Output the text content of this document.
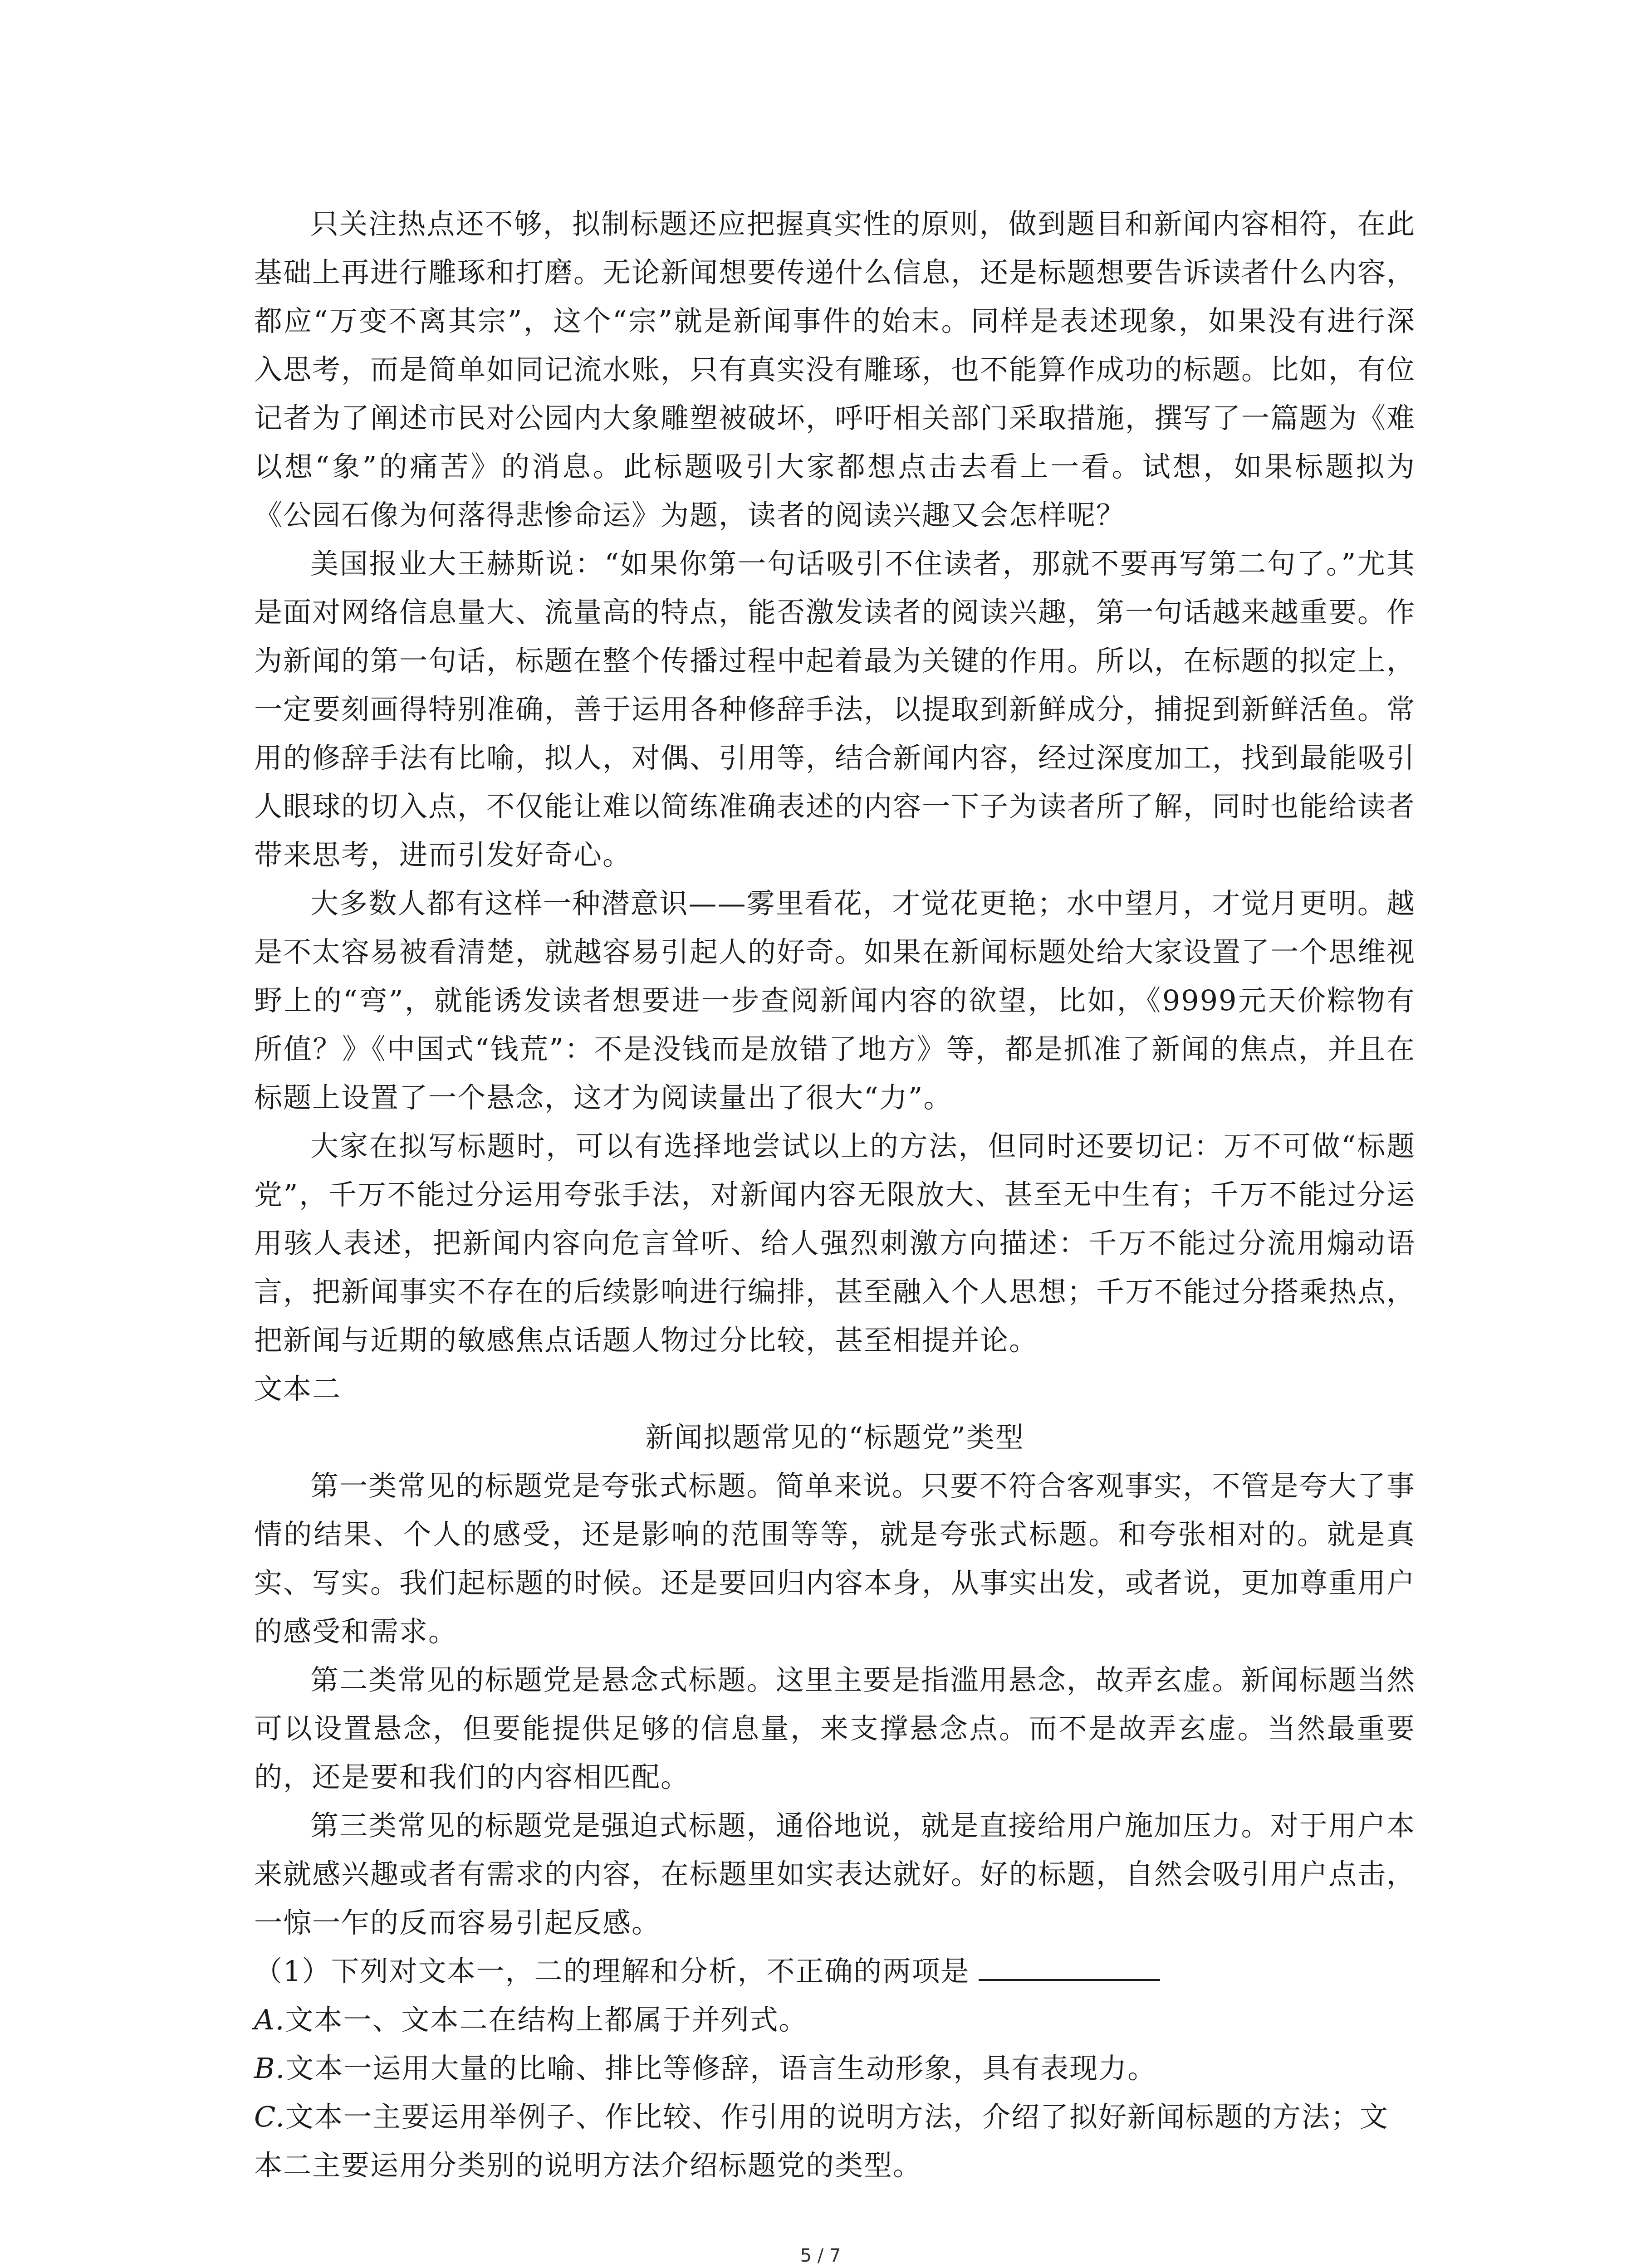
只关注热点还不够，拟制标题还应把握真实性的原则，做到题目和新闻内容相符，在此基础上再进行雕琢和打磨。无论新闻想要传递什么信息，还是标题想要告诉读者什么内容，都应“万变不离其宗”，这个“宗”就是新闻事件的始末。同样是表述现象，如果没有进行深入思考，而是简单如同记流水账，只有真实没有雕琢，也不能算作成功的标题。比如，有位记者为了阐述市民对公园内大象雕塑被破坏，呼吁相关部门采取措施，撰写了一篇题为《难以想“象”的痛苦》的消息。此标题吸引大家都想点击去看上一看。试想，如果标题拟为《公园石像为何落得悲惨命运》为题，读者的阅读兴趣又会怎样呢？

美国报业大王赫斯说：“如果你第一句话吸引不住读者，那就不要再写第二句了。”尤其是面对网络信息量大、流量高的特点，能否激发读者的阅读兴趣，第一句话越来越重要。作为新闻的第一句话，标题在整个传播过程中起着最为关键的作用。所以，在标题的拟定上，一定要刻画得特别准确，善于运用各种修辞手法，以提取到新鲜成分，捕捉到新鲜活鱼。常用的修辞手法有比喻，拟人，对偶、引用等，结合新闻内容，经过深度加工，找到最能吸引人眼球的切入点，不仅能让难以简练准确表述的内容一下子为读者所了解，同时也能给读者带来思考，进而引发好奇心。

大多数人都有这样一种潜意识——雾里看花，才觉花更艳；水中望月，才觉月更明。越是不太容易被看清楚，就越容易引起人的好奇。如果在新闻标题处给大家设置了一个思维视野上的“弯”，就能诱发读者想要进一步查阅新闻内容的欲望，比如，《9999元天价粽物有所值？》《中国式“钱荒”：不是没钱而是放错了地方》等，都是抓准了新闻的焦点，并且在标题上设置了一个悬念，这才为阅读量出了很大“力”。

大家在拟写标题时，可以有选择地尝试以上的方法，但同时还要切记：万不可做“标题党”，千万不能过分运用夸张手法，对新闻内容无限放大、甚至无中生有；千万不能过分运用骇人表述，把新闻内容向危言耸听、给人强烈刺激方向描述：千万不能过分流用煽动语言，把新闻事实不存在的后续影响进行编排，甚至融入个人思想；千万不能过分搭乘热点，把新闻与近期的敏感焦点话题人物过分比较，甚至相提并论。

文本二

新闻拟题常见的“标题党”类型

第一类常见的标题党是夸张式标题。简单来说。只要不符合客观事实，不管是夸大了事情的结果、个人的感受，还是影响的范围等等，就是夸张式标题。和夸张相对的。就是真实、写实。我们起标题的时候。还是要回归内容本身，从事实出发，或者说，更加尊重用户的感受和需求。

第二类常见的标题党是悬念式标题。这里主要是指滥用悬念，故弄玄虚。新闻标题当然可以设置悬念，但要能提供足够的信息量，来支撑悬念点。而不是故弄玄虚。当然最重要的，还是要和我们的内容相匹配。

第三类常见的标题党是强迫式标题，通俗地说，就是直接给用户施加压力。对于用户本来就感兴趣或者有需求的内容，在标题里如实表达就好。好的标题，自然会吸引用户点击，一惊一乍的反而容易引起反感。

（1）下列对文本一，二的理解和分析，不正确的两项是

A.文本一、文本二在结构上都属于并列式。

B.文本一运用大量的比喻、排比等修辞，语言生动形象，具有表现力。

C.文本一主要运用举例子、作比较、作引用的说明方法，介绍了拟好新闻标题的方法；文本二主要运用分类别的说明方法介绍标题党的类型。

5 / 7
